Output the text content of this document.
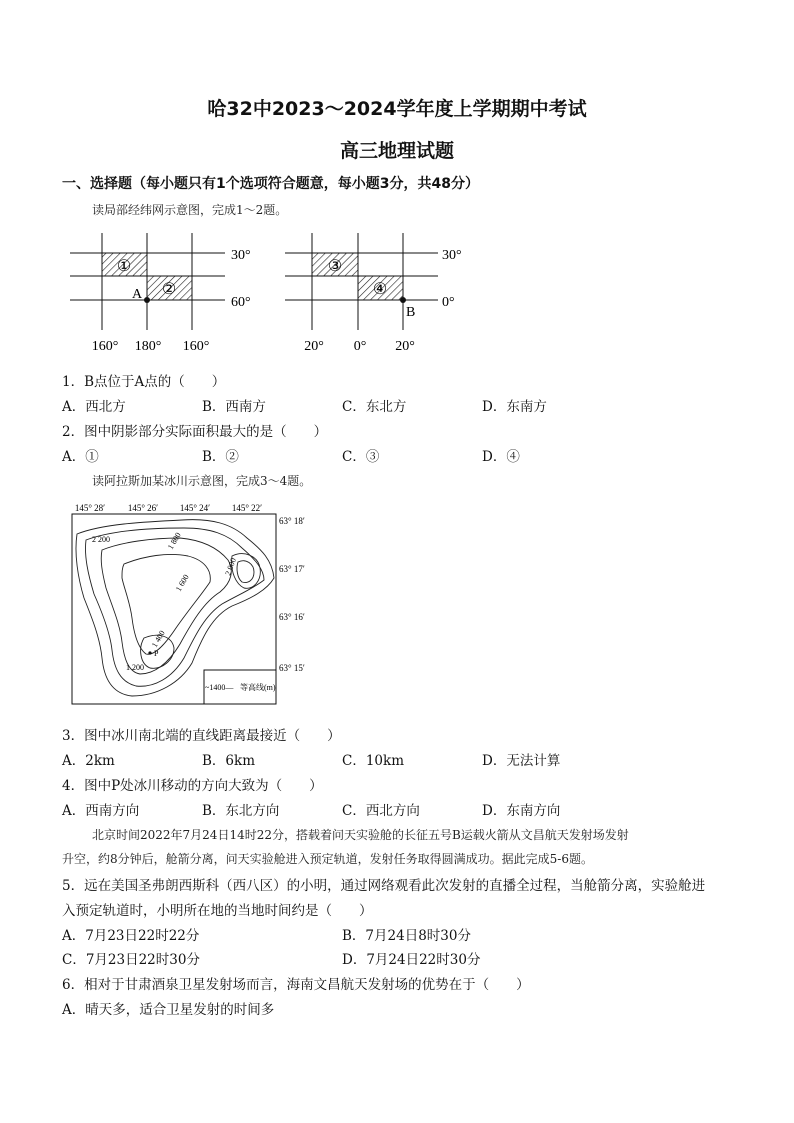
哈32中2023～2024学年度上学期期中考试
高三地理试题
一、选择题（每小题只有1个选项符合题意，每小题3分，共48分）
读局部经纬网示意图，完成1～2题。
①
②
A
30°
60°
160° 180° 160°
③
④
B
30°
0°
20° 0° 20°
1．B点位于A点的（　　）
A．西北方	B．西南方	C．东北方	D．东南方
2．图中阴影部分实际面积最大的是（　　）
A．①	B．②	C．③	D．④
读阿拉斯加某冰川示意图，完成3～4题。
145° 28′	145° 26′ 145° 24′ 145° 22′
63° 18′
63° 17′
63° 16′
63° 15′
2 200	1 800
2 000
1 600
1 400
1 200
P
~1400— 等高线(m)
3．图中冰川南北端的直线距离最接近（　　）
A．2km	B．6km	C．10km	D．无法计算
4．图中P处冰川移动的方向大致为（　　）
A．西南方向	B．东北方向	C．西北方向	D．东南方向
北京时间2022年7月24日14时22分，搭载着问天实验舱的长征五号B运载火箭从文昌航天发射场发射
升空，约8分钟后，舱箭分离，问天实验舱进入预定轨道，发射任务取得圆满成功。据此完成5-6题。
5．远在美国圣弗朗西斯科（西八区）的小明，通过网络观看此次发射的直播全过程，当舱箭分离，实验舱进
入预定轨道时，小明所在地的当地时间约是（　　）
A．7月23日22时22分	B．7月24日8时30分
C．7月23日22时30分	D．7月24日22时30分
6．相对于甘肃酒泉卫星发射场而言，海南文昌航天发射场的优势在于（　　）
A．晴天多，适合卫星发射的时间多
